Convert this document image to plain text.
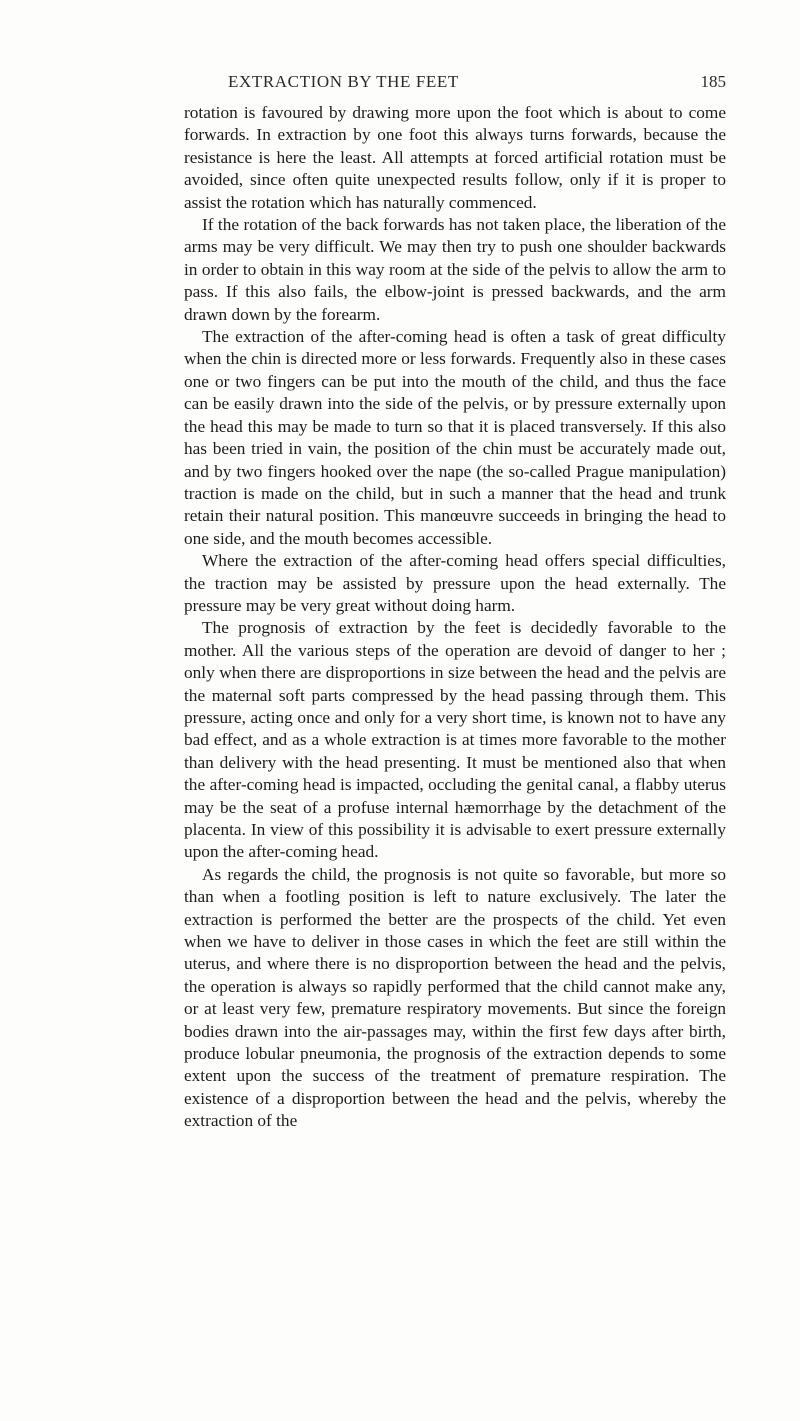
EXTRACTION BY THE FEET	185

rotation is favoured by drawing more upon the foot which is about to come forwards. In extraction by one foot this always turns forwards, because the resistance is here the least. All attempts at forced artificial rotation must be avoided, since often quite unexpected results follow, only if it is proper to assist the rotation which has naturally commenced.

If the rotation of the back forwards has not taken place, the liberation of the arms may be very difficult. We may then try to push one shoulder backwards in order to obtain in this way room at the side of the pelvis to allow the arm to pass. If this also fails, the elbow-joint is pressed backwards, and the arm drawn down by the forearm.

The extraction of the after-coming head is often a task of great difficulty when the chin is directed more or less forwards. Frequently also in these cases one or two fingers can be put into the mouth of the child, and thus the face can be easily drawn into the side of the pelvis, or by pressure externally upon the head this may be made to turn so that it is placed transversely. If this also has been tried in vain, the position of the chin must be accurately made out, and by two fingers hooked over the nape (the so-called Prague manipulation) traction is made on the child, but in such a manner that the head and trunk retain their natural position. This manœuvre succeeds in bringing the head to one side, and the mouth becomes accessible.

Where the extraction of the after-coming head offers special difficulties, the traction may be assisted by pressure upon the head externally. The pressure may be very great without doing harm.

The prognosis of extraction by the feet is decidedly favorable to the mother. All the various steps of the operation are devoid of danger to her ; only when there are disproportions in size between the head and the pelvis are the maternal soft parts compressed by the head passing through them. This pressure, acting once and only for a very short time, is known not to have any bad effect, and as a whole extraction is at times more favorable to the mother than delivery with the head presenting. It must be mentioned also that when the after-coming head is impacted, occluding the genital canal, a flabby uterus may be the seat of a profuse internal hæmorrhage by the detachment of the placenta. In view of this possibility it is advisable to exert pressure externally upon the after-coming head.

As regards the child, the prognosis is not quite so favorable, but more so than when a footling position is left to nature exclusively. The later the extraction is performed the better are the prospects of the child. Yet even when we have to deliver in those cases in which the feet are still within the uterus, and where there is no disproportion between the head and the pelvis, the operation is always so rapidly performed that the child cannot make any, or at least very few, premature respiratory movements. But since the foreign bodies drawn into the air-passages may, within the first few days after birth, produce lobular pneumonia, the prognosis of the extraction depends to some extent upon the success of the treatment of premature respiration. The existence of a disproportion between the head and the pelvis, whereby the extraction of the
